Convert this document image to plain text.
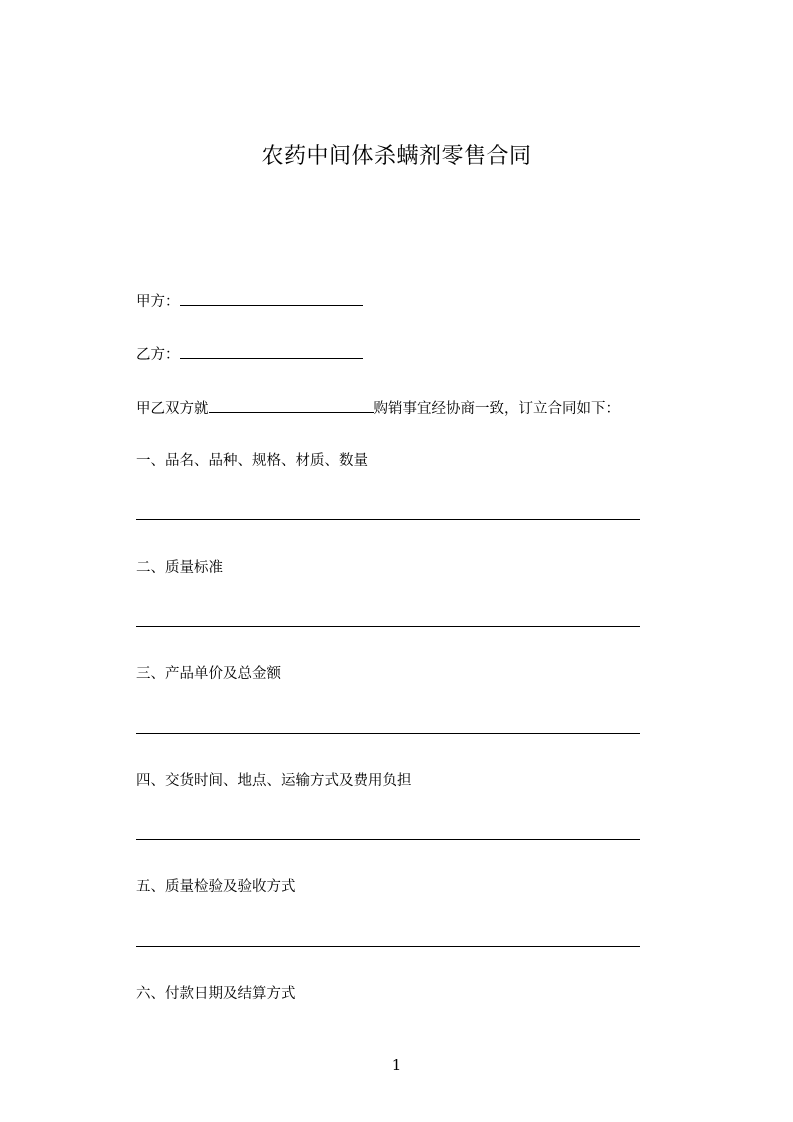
农药中间体杀螨剂零售合同
甲方：
乙方：
甲乙双方就	购销事宜经协商一致，订立合同如下：
一、品名、品种、规格、材质、数量
二、质量标准
三、产品单价及总金额
四、交货时间、地点、运输方式及费用负担
五、质量检验及验收方式
六、付款日期及结算方式
1
